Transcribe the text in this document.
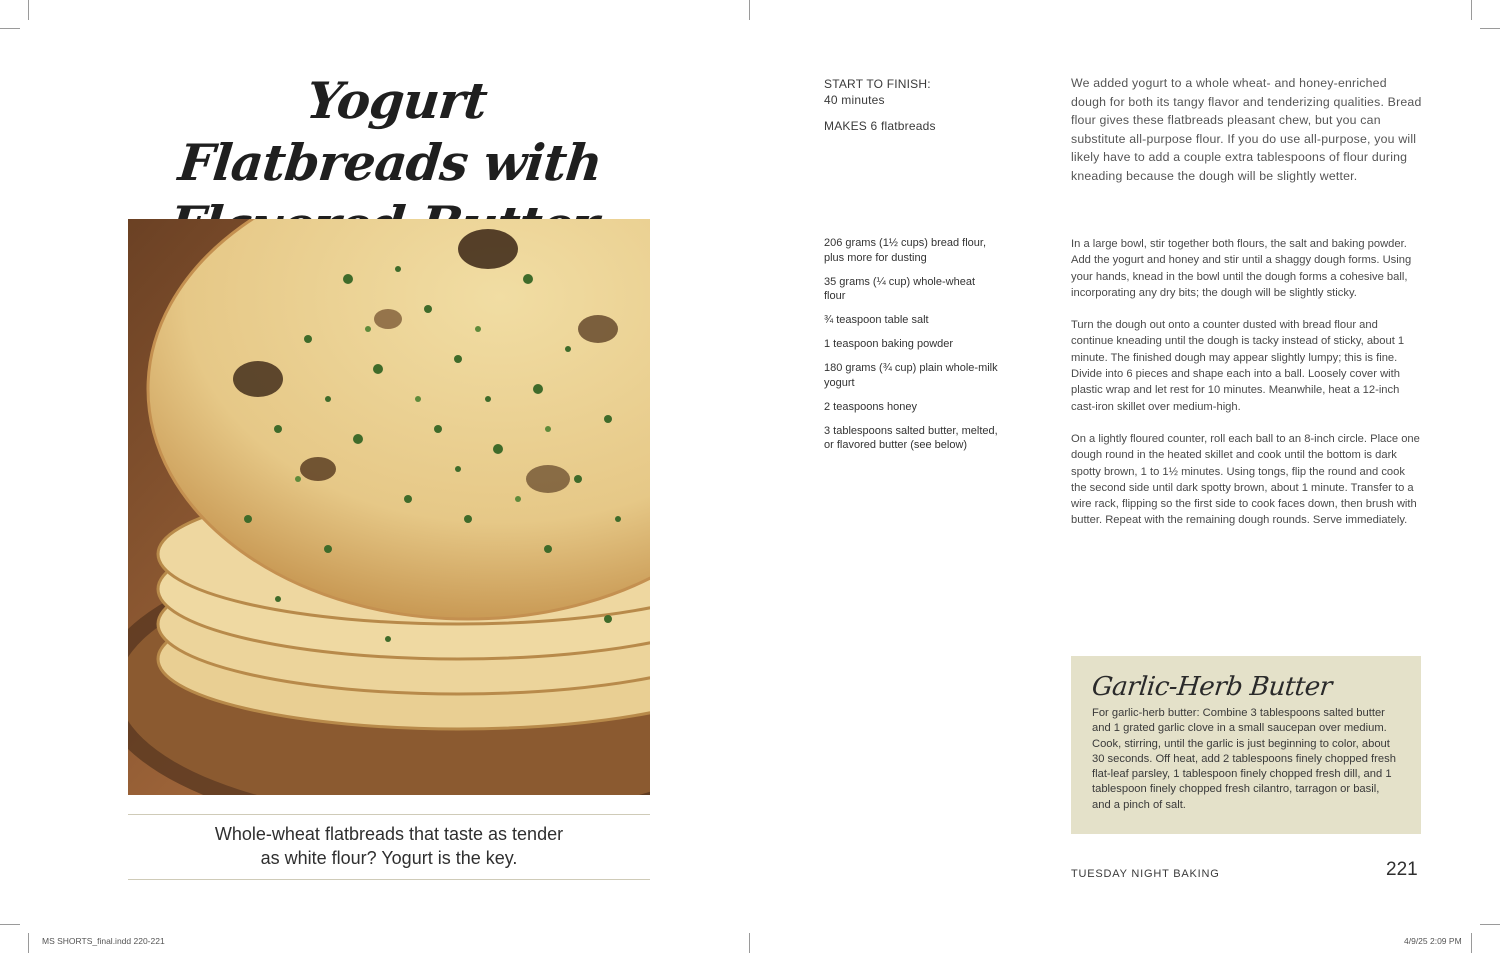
Yogurt Flatbreads with
Whole-wheat flatbreads that taste as tender
as white flour? Yogurt is the key.
START TO FINISH:
40 minutes
MAKES 6 flatbreads
We added yogurt to a whole wheat- and honey-enriched dough for both its tangy flavor and tenderizing qualities. Bread flour gives these flatbreads pleasant chew, but you can substitute all-purpose flour. If you do use all-purpose, you will likely have to add a couple extra tablespoons of flour during kneading because the dough will be slightly wetter.
206 grams (1½ cups) bread flour, plus more for dusting
35 grams (¼ cup) whole-wheat flour
¾ teaspoon table salt
1 teaspoon baking powder
180 grams (¾ cup) plain whole-milk yogurt
2 teaspoons honey
3 tablespoons salted butter, melted, or flavored butter (see below)

In a large bowl, stir together both flours, the salt and baking powder. Add the yogurt and honey and stir until a shaggy dough forms. Using your hands, knead in the bowl until the dough forms a cohesive ball, incorporating any dry bits; the dough will be slightly sticky.

Turn the dough out onto a counter dusted with bread flour and continue kneading until the dough is tacky instead of sticky, about 1 minute. The finished dough may appear slightly lumpy; this is fine. Divide into 6 pieces and shape each into a ball. Loosely cover with plastic wrap and let rest for 10 minutes. Meanwhile, heat a 12-inch cast-iron skillet over medium-high.

On a lightly floured counter, roll each ball to an 8-inch circle. Place one dough round in the heated skillet and cook until the bottom is dark spotty brown, 1 to 1½ minutes. Using tongs, flip the round and cook the second side until dark spotty brown, about 1 minute. Transfer to a wire rack, flipping so the first side to cook faces down, then brush with butter. Repeat with the remaining dough rounds. Serve immediately.

Garlic-Herb Butter
For garlic-herb butter: Combine 3 tablespoons salted butter and 1 grated garlic clove in a small saucepan over medium. Cook, stirring, until the garlic is just beginning to color, about 30 seconds. Off heat, add 2 tablespoons finely chopped fresh flat-leaf parsley, 1 tablespoon finely chopped fresh dill, and 1 tablespoon finely chopped fresh cilantro, tarragon or basil, and a pinch of salt.
TUESDAY NIGHT BAKING	221
MS SHORTS_final.indd 220-221	4/9/25 2:09 PM
